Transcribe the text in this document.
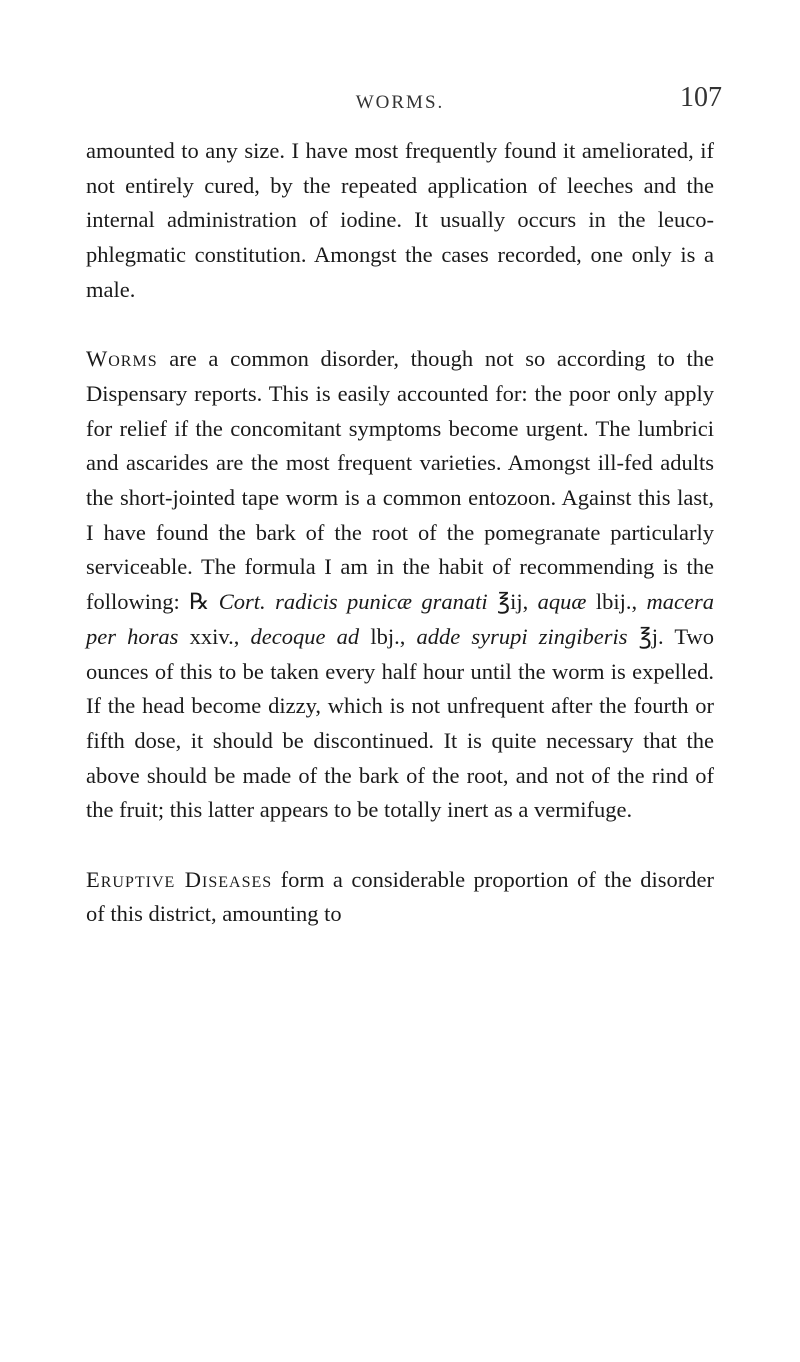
WORMS.	107

amounted to any size. I have most frequently found it ameliorated, if not entirely cured, by the repeated application of leeches and the internal administration of iodine. It usually occurs in the leuco-phlegmatic constitution. Amongst the cases recorded, one only is a male.

Worms are a common disorder, though not so according to the Dispensary reports. This is easily accounted for: the poor only apply for relief if the concomitant symptoms become urgent. The lumbrici and ascarides are the most frequent varieties. Amongst ill-fed adults the short-jointed tape worm is a common entozoon. Against this last, I have found the bark of the root of the pomegranate particularly serviceable. The formula I am in the habit of recommending is the following: ℞ Cort. radicis punicæ granati ℥ij, aquæ lbij., macera per horas xxiv., decoque ad lbj., adde syrupi zingiberis ℥j. Two ounces of this to be taken every half hour until the worm is expelled. If the head become dizzy, which is not unfrequent after the fourth or fifth dose, it should be discontinued. It is quite necessary that the above should be made of the bark of the root, and not of the rind of the fruit; this latter appears to be totally inert as a vermifuge.

Eruptive Diseases form a considerable proportion of the disorder of this district, amounting to
